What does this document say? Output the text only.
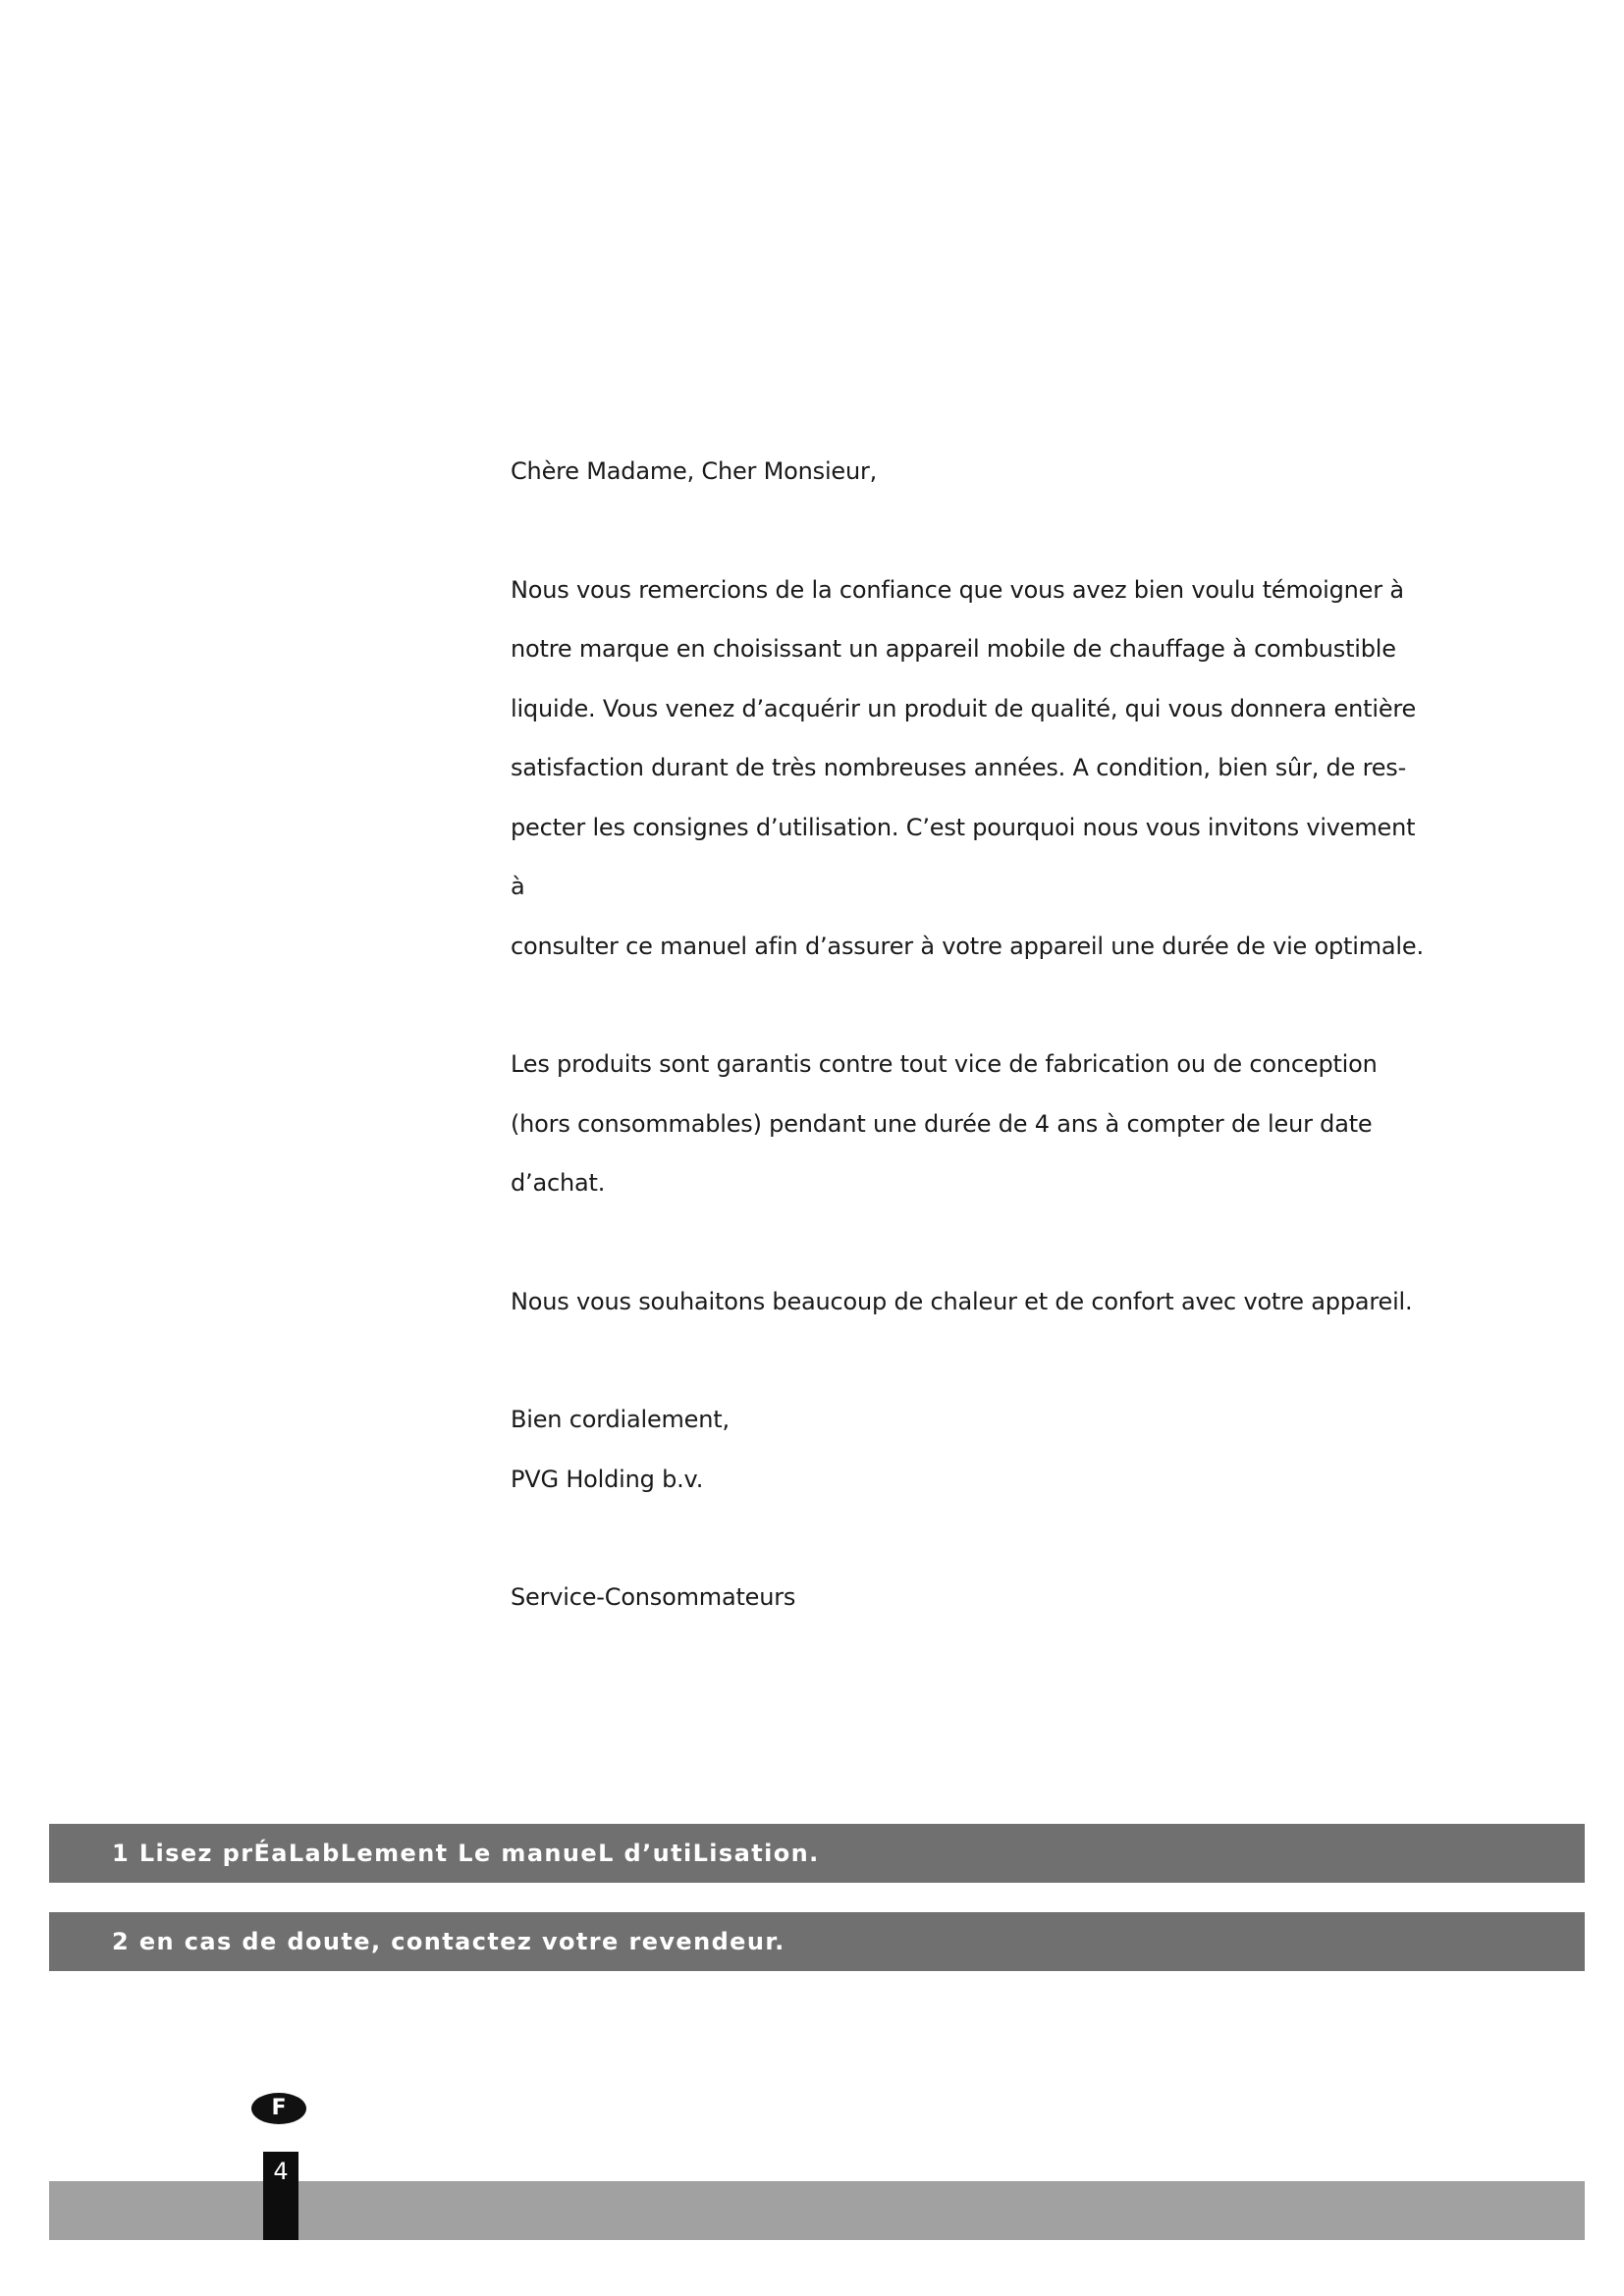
Chère Madame, Cher Monsieur,

Nous vous remercions de la confiance que vous avez bien voulu témoigner à
notre marque en choisissant un appareil mobile de chauffage à combustible
liquide. Vous venez d’acquérir un produit de qualité, qui vous donnera entière
satisfaction durant de très nombreuses années. A condition, bien sûr, de res-
pecter les consignes d’utilisation. C’est pourquoi nous vous invitons vivement à
consulter ce manuel afin d’assurer à votre appareil une durée de vie optimale.

Les produits sont garantis contre tout vice de fabrication ou de conception
(hors consommables) pendant une durée de 4 ans à compter de leur date
d’achat.

Nous vous souhaitons beaucoup de chaleur et de confort avec votre appareil.

Bien cordialement,

PVG Holding b.v.

Service-Consommateurs

1 Lisez prÉaLabLement Le manueL d’utiLisation.
2 en cas de doute, contactez votre revendeur.
F
4
